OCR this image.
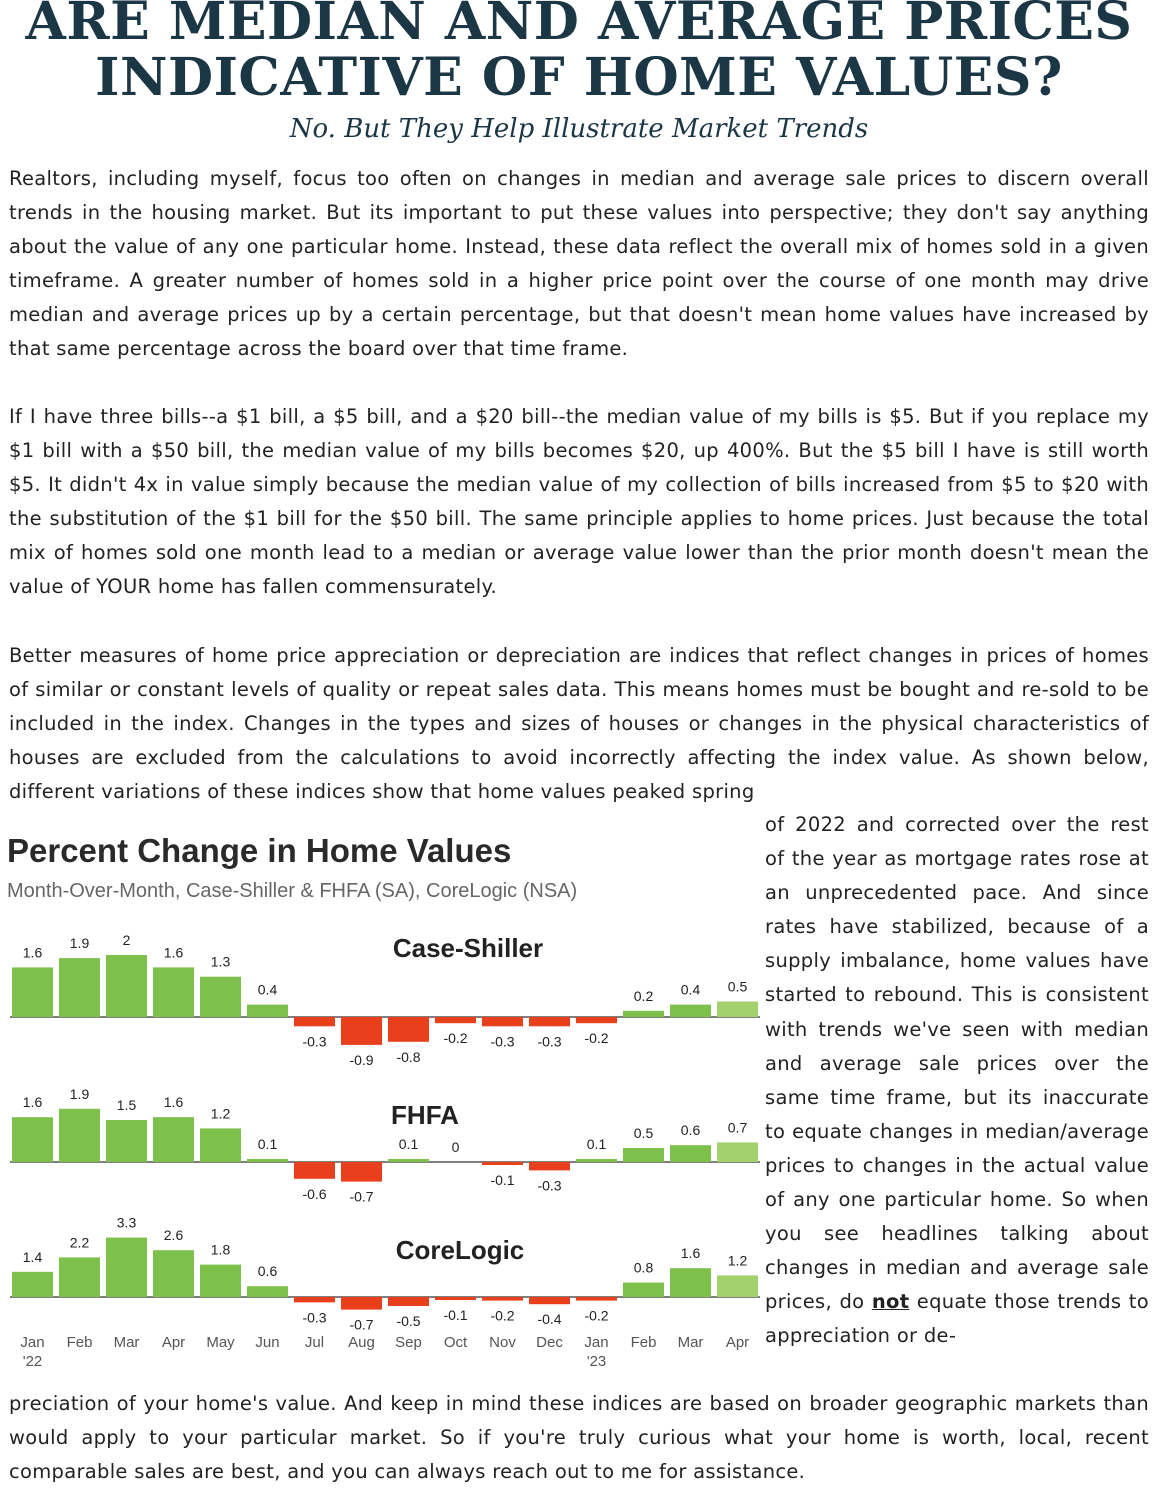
ARE MEDIAN AND AVERAGE PRICES
INDICATIVE OF HOME VALUES?

No. But They Help Illustrate Market Trends

Realtors, including myself, focus too often on changes in median and average sale prices to discern overall trends in the housing market. But its important to put these values into perspective; they don't say anything about the value of any one particular home. Instead, these data reflect the overall mix of homes sold in a given timeframe. A greater number of homes sold in a higher price point over the course of one month may drive median and average prices up by a certain percentage, but that doesn't mean home values have increased by that same percentage across the board over that time frame.

If I have three bills--a $1 bill, a $5 bill, and a $20 bill--the median value of my bills is $5. But if you replace my $1 bill with a $50 bill, the median value of my bills becomes $20, up 400%. But the $5 bill I have is still worth $5. It didn't 4x in value simply because the median value of my collection of bills increased from $5 to $20 with the substitution of the $1 bill for the $50 bill. The same principle applies to home prices. Just because the total mix of homes sold one month lead to a median or average value lower than the prior month doesn't mean the value of YOUR home has fallen commensurately.

Better measures of home price appreciation or depreciation are indices that reflect changes in prices of homes of similar or constant levels of quality or repeat sales data. This means homes must be bought and re-sold to be included in the index. Changes in the types and sizes of houses or changes in the physical characteristics of houses are excluded from the calculations to avoid incorrectly affecting the index value. As shown below, different variations of these indices show that home values peaked spring

Percent Change in Home Values
Month-Over-Month, Case-Shiller & FHFA (SA), CoreLogic (NSA)
Case-Shiller
1.6
1.9 2
1.6
1.3
0.4
-0.3
-0.9 -0.8
-0.2 -0.3 -0.3 -0.2
0.2 0.4 0.5
FHFA
1.6
1.9
1.5 1.6
1.2
0.1
-0.6 -0.7
0.1 0
-0.1 -0.3
0.1
0.5 0.6 0.7
CoreLogic
1.4
2.2
3.3
2.6
1.8
0.6
-0.3 -0.7 -0.5 -0.1 -0.2 -0.4 -0.2
0.8
1.6 1.2
Jan
'22
Feb Mar Apr May Jun Jul Aug Sep Oct Nov Dec Jan
'23
Feb Mar Apr

of 2022 and corrected over the rest of the year as mortgage rates rose at an unprecedented pace. And since rates have stabilized, because of a supply imbalance, home values have started to rebound. This is consistent with trends we've seen with median and average sale prices over the same time frame, but its inaccurate to equate changes in median/average prices to changes in the actual value of any one particular home. So when you see headlines talking about changes in median and average sale prices, do not equate those trends to appreciation or de-

preciation of your home's value. And keep in mind these indices are based on broader geographic markets than would apply to your particular market. So if you're truly curious what your home is worth, local, recent comparable sales are best, and you can always reach out to me for assistance.
